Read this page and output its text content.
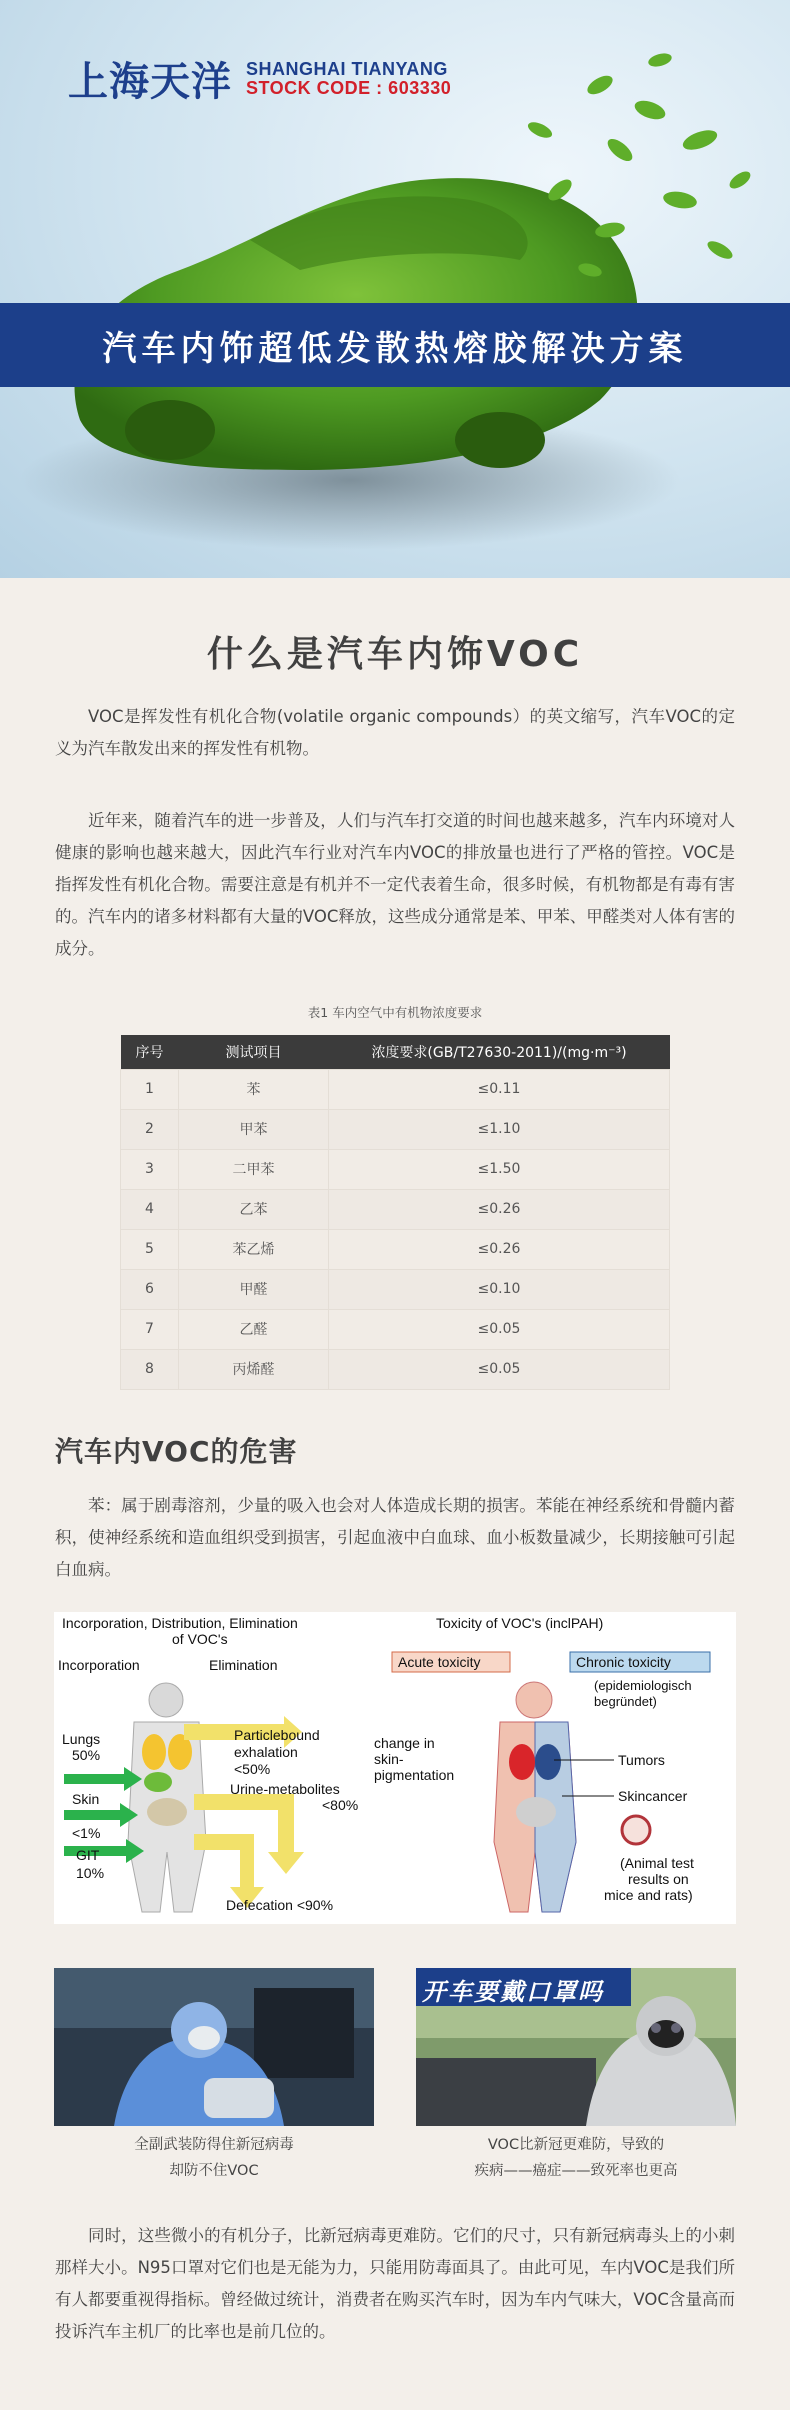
上海天洋 SHANGHAI TIANYANG
STOCK CODE : 603330
汽车内饰超低发散热熔胶解决方案
什么是汽车内饰VOC

VOC是挥发性有机化合物(volatile organic compounds）的英文缩写，汽车VOC的定义为汽车散发出来的挥发性有机物。

近年来，随着汽车的进一步普及，人们与汽车打交道的时间也越来越多，汽车内环境对人健康的影响也越来越大，因此汽车行业对汽车内VOC的排放量也进行了严格的管控。VOC是指挥发性有机化合物。需要注意是有机并不一定代表着生命，很多时候，有机物都是有毒有害的。汽车内的诸多材料都有大量的VOC释放，这些成分通常是苯、甲苯、甲醛类对人体有害的成分。

表1 车内空气中有机物浓度要求
序号	测试项目	浓度要求(GB/T27630-2011)/(mg·m⁻³)
1	苯	≤0.11
2	甲苯	≤1.10
3	二甲苯	≤1.50
4	乙苯	≤0.26
5	苯乙烯	≤0.26
6	甲醛	≤0.10
7	乙醛	≤0.05
8	丙烯醛	≤0.05
汽车内VOC的危害

苯：属于剧毒溶剂，少量的吸入也会对人体造成长期的损害。苯能在神经系统和骨髓内蓄积，使神经系统和造血组织受到损害，引起血液中白血球、血小板数量减少，长期接触可引起白血病。

Incorporation, Distribution, Elimination
of VOC's
Incorporation	Elimination
Lungs
50%
Skin
<1%
GIT
10%
Particlebound
exhalation
<50%
Urine-metabolites
<80%
Defecation <90%
Toxicity of VOC's (inclPAH)
Acute toxicity	Chronic toxicity
(epidemiologisch
begründet)
change in
skin-
pigmentation
Tumors
Skincancer
(Animal test
results on
mice and rats)
全副武装防得住新冠病毒
却防不住VOC
开车要戴口罩吗
VOC比新冠更难防，导致的
疾病——癌症——致死率也更高

同时，这些微小的有机分子，比新冠病毒更难防。它们的尺寸，只有新冠病毒头上的小刺那样大小。N95口罩对它们也是无能为力，只能用防毒面具了。由此可见，车内VOC是我们所有人都要重视得指标。曾经做过统计，消费者在购买汽车时，因为车内气味大，VOC含量高而投诉汽车主机厂的比率也是前几位的。
